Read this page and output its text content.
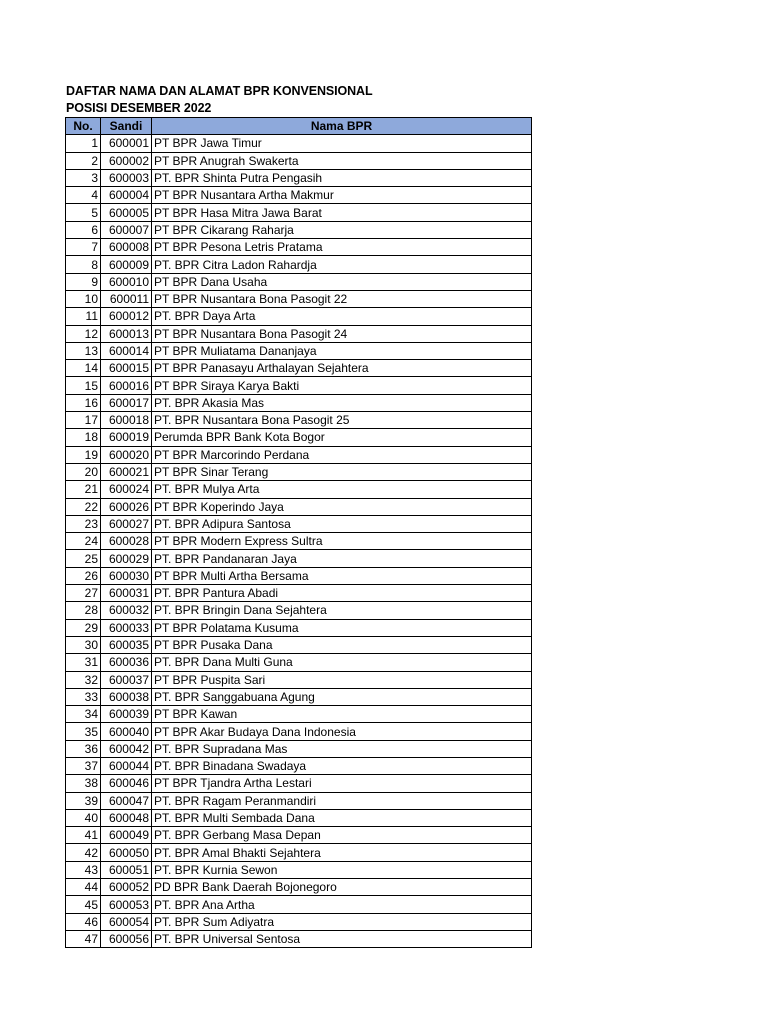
DAFTAR NAMA DAN ALAMAT BPR KONVENSIONAL
POSISI DESEMBER 2022
No.	Sandi	Nama BPR
1	600001	PT BPR Jawa Timur
2	600002	PT BPR Anugrah Swakerta
3	600003	PT. BPR Shinta Putra Pengasih
4	600004	PT BPR Nusantara Artha Makmur
5	600005	PT BPR Hasa Mitra Jawa Barat
6	600007	PT BPR Cikarang Raharja
7	600008	PT BPR Pesona Letris Pratama
8	600009	PT. BPR Citra Ladon Rahardja
9	600010	PT BPR Dana Usaha
10	600011	PT BPR Nusantara Bona Pasogit 22
11	600012	PT. BPR Daya Arta
12	600013	PT BPR Nusantara Bona Pasogit 24
13	600014	PT BPR Muliatama Dananjaya
14	600015	PT BPR Panasayu Arthalayan Sejahtera
15	600016	PT BPR Siraya Karya Bakti
16	600017	PT. BPR Akasia Mas
17	600018	PT. BPR Nusantara Bona Pasogit 25
18	600019	Perumda BPR Bank Kota Bogor
19	600020	PT BPR Marcorindo Perdana
20	600021	PT BPR Sinar Terang
21	600024	PT. BPR Mulya Arta
22	600026	PT BPR Koperindo Jaya
23	600027	PT. BPR Adipura Santosa
24	600028	PT BPR Modern Express Sultra
25	600029	PT. BPR Pandanaran Jaya
26	600030	PT BPR Multi Artha Bersama
27	600031	PT. BPR Pantura Abadi
28	600032	PT. BPR Bringin Dana Sejahtera
29	600033	PT BPR Polatama Kusuma
30	600035	PT BPR Pusaka Dana
31	600036	PT. BPR Dana Multi Guna
32	600037	PT BPR Puspita Sari
33	600038	PT. BPR Sanggabuana Agung
34	600039	PT BPR Kawan
35	600040	PT BPR Akar Budaya Dana Indonesia
36	600042	PT. BPR Supradana Mas
37	600044	PT. BPR Binadana Swadaya
38	600046	PT BPR Tjandra Artha Lestari
39	600047	PT. BPR Ragam Peranmandiri
40	600048	PT. BPR Multi Sembada Dana
41	600049	PT. BPR Gerbang Masa Depan
42	600050	PT. BPR Amal Bhakti Sejahtera
43	600051	PT. BPR Kurnia Sewon
44	600052	PD BPR Bank Daerah Bojonegoro
45	600053	PT. BPR Ana Artha
46	600054	PT. BPR Sum Adiyatra
47	600056	PT. BPR Universal Sentosa
